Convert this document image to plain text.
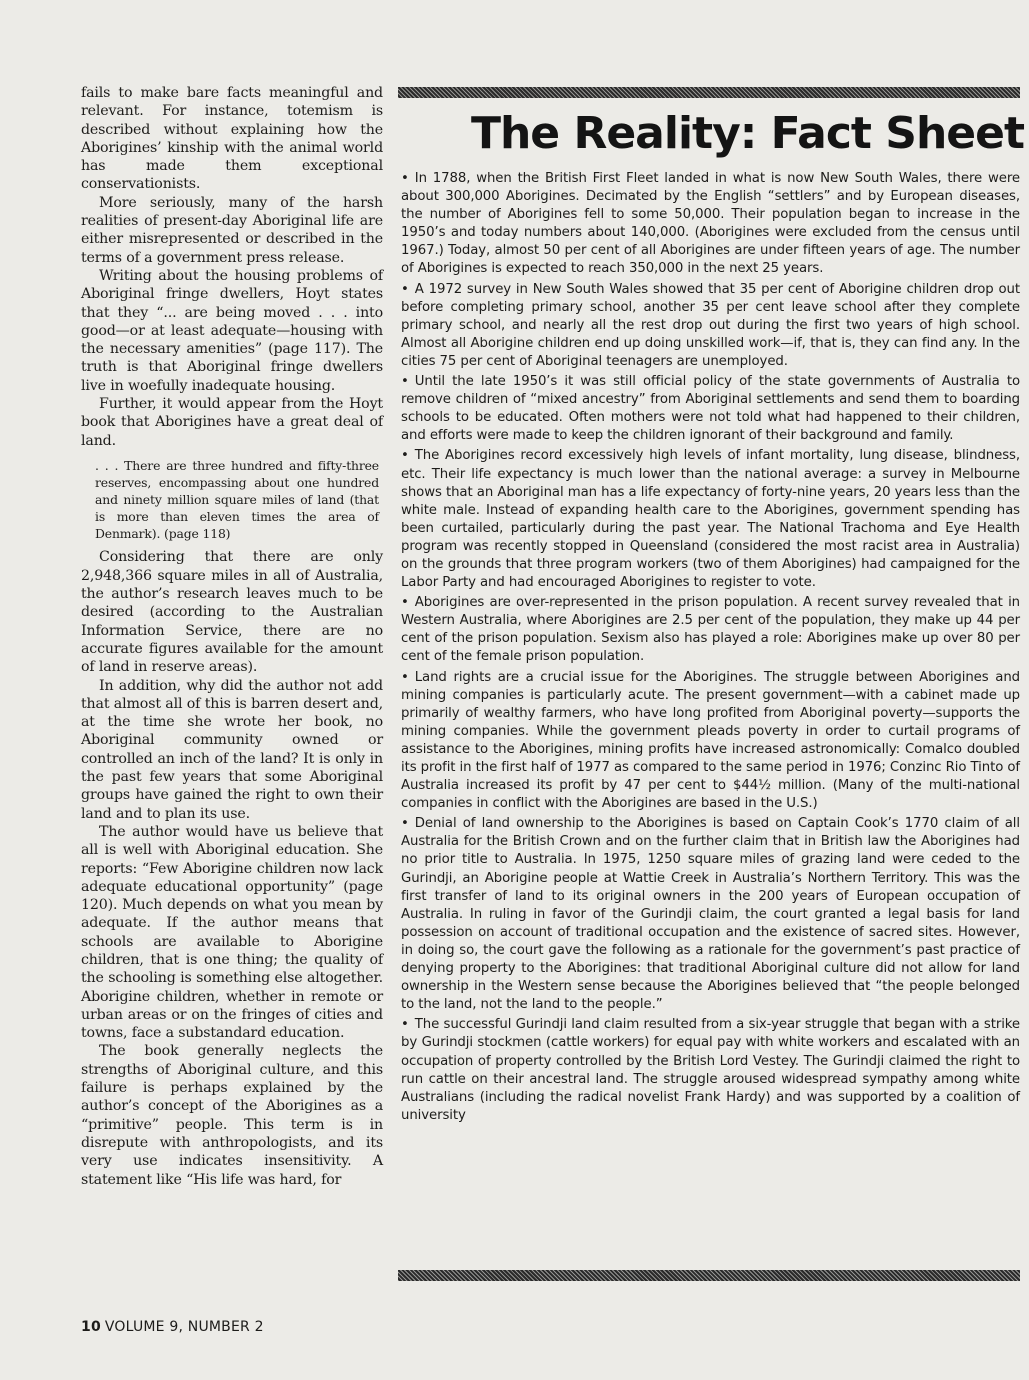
fails to make bare facts meaningful and relevant. For instance, totemism is described without explaining how the Aborigines’ kinship with the animal world has made them exceptional conservationists.

More seriously, many of the harsh realities of present-day Aboriginal life are either misrepresented or described in the terms of a government press release.

Writing about the housing problems of Aboriginal fringe dwellers, Hoyt states that they “... are being moved . . . into good—or at least adequate—housing with the necessary amenities” (page 117). The truth is that Aboriginal fringe dwellers live in woefully inadequate housing.

Further, it would appear from the Hoyt book that Aborigines have a great deal of land.

. . . There are three hundred and fifty-three reserves, encompassing about one hundred and ninety million square miles of land (that is more than eleven times the area of Denmark). (page 118)

Considering that there are only 2,948,366 square miles in all of Australia, the author’s research leaves much to be desired (according to the Australian Information Service, there are no accurate figures available for the amount of land in reserve areas).

In addition, why did the author not add that almost all of this is barren desert and, at the time she wrote her book, no Aboriginal community owned or controlled an inch of the land? It is only in the past few years that some Aboriginal groups have gained the right to own their land and to plan its use.

The author would have us believe that all is well with Aboriginal education. She reports: “Few Aborigine children now lack adequate educational opportunity” (page 120). Much depends on what you mean by adequate. If the author means that schools are available to Aborigine children, that is one thing; the quality of the schooling is something else altogether. Aborigine children, whether in remote or urban areas or on the fringes of cities and towns, face a substandard education.

The book generally neglects the strengths of Aboriginal culture, and this failure is perhaps explained by the author’s concept of the Aborigines as a “primitive” people. This term is in disrepute with anthropologists, and its very use indicates insensitivity. A statement like “His life was hard, for

The Reality: Fact Sheet

• In 1788, when the British First Fleet landed in what is now New South Wales, there were about 300,000 Aborigines. Decimated by the English “settlers” and by European diseases, the number of Aborigines fell to some 50,000. Their population began to increase in the 1950’s and today numbers about 140,000. (Aborigines were excluded from the census until 1967.) Today, almost 50 per cent of all Aborigines are under fifteen years of age. The number of Aborigines is expected to reach 350,000 in the next 25 years.

• A 1972 survey in New South Wales showed that 35 per cent of Aborigine children drop out before completing primary school, another 35 per cent leave school after they complete primary school, and nearly all the rest drop out during the first two years of high school. Almost all Aborigine children end up doing unskilled work—if, that is, they can find any. In the cities 75 per cent of Aboriginal teenagers are unemployed.

• Until the late 1950’s it was still official policy of the state governments of Australia to remove children of “mixed ancestry” from Aboriginal settlements and send them to boarding schools to be educated. Often mothers were not told what had happened to their children, and efforts were made to keep the children ignorant of their background and family.

• The Aborigines record excessively high levels of infant mortality, lung disease, blindness, etc. Their life expectancy is much lower than the national average: a survey in Melbourne shows that an Aboriginal man has a life expectancy of forty-nine years, 20 years less than the white male. Instead of expanding health care to the Aborigines, government spending has been curtailed, particularly during the past year. The National Trachoma and Eye Health program was recently stopped in Queensland (considered the most racist area in Australia) on the grounds that three program workers (two of them Aborigines) had campaigned for the Labor Party and had encouraged Aborigines to register to vote.

• Aborigines are over-represented in the prison population. A recent survey revealed that in Western Australia, where Aborigines are 2.5 per cent of the population, they make up 44 per cent of the prison population. Sexism also has played a role: Aborigines make up over 80 per cent of the female prison population.

• Land rights are a crucial issue for the Aborigines. The struggle between Aborigines and mining companies is particularly acute. The present government—with a cabinet made up primarily of wealthy farmers, who have long profited from Aboriginal poverty—supports the mining companies. While the government pleads poverty in order to curtail programs of assistance to the Aborigines, mining profits have increased astronomically: Comalco doubled its profit in the first half of 1977 as compared to the same period in 1976; Conzinc Rio Tinto of Australia increased its profit by 47 per cent to $44½ million. (Many of the multi-national companies in conflict with the Aborigines are based in the U.S.)

• Denial of land ownership to the Aborigines is based on Captain Cook’s 1770 claim of all Australia for the British Crown and on the further claim that in British law the Aborigines had no prior title to Australia. In 1975, 1250 square miles of grazing land were ceded to the Gurindji, an Aborigine people at Wattie Creek in Australia’s Northern Territory. This was the first transfer of land to its original owners in the 200 years of European occupation of Australia. In ruling in favor of the Gurindji claim, the court granted a legal basis for land possession on account of traditional occupation and the existence of sacred sites. However, in doing so, the court gave the following as a rationale for the government’s past practice of denying property to the Aborigines: that traditional Aboriginal culture did not allow for land ownership in the Western sense because the Aborigines believed that “the people belonged to the land, not the land to the people.”

• The successful Gurindji land claim resulted from a six-year struggle that began with a strike by Gurindji stockmen (cattle workers) for equal pay with white workers and escalated with an occupation of property controlled by the British Lord Vestey. The Gurindji claimed the right to run cattle on their ancestral land. The struggle aroused widespread sympathy among white Australians (including the radical novelist Frank Hardy) and was supported by a coalition of university

10 VOLUME 9, NUMBER 2
